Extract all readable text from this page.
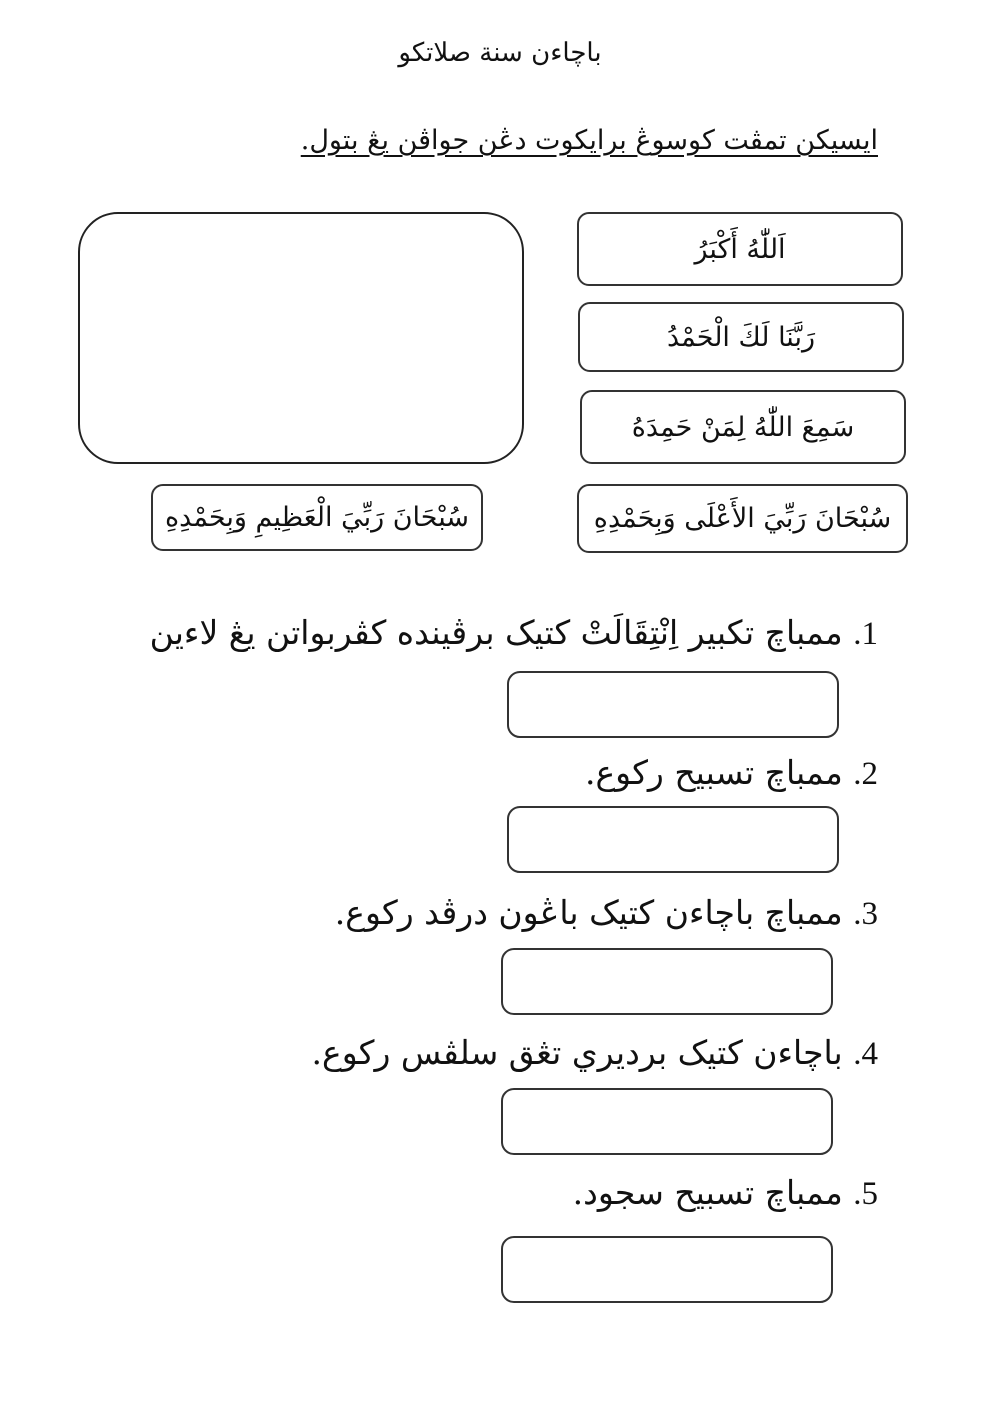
باچاءن سنة صلاتكو
ايسيكن تمڤت كوسوڠ برايكوت دڠن جواڤن يڠ بتول.
اَللّٰهُ أَكْبَرُ
رَبَّنَا لَكَ الْحَمْدُ
سَمِعَ اللّٰهُ لِمَنْ حَمِدَهُ
سُبْحَانَ رَبِّيَ الأَعْلَى وَبِحَمْدِهِ
سُبْحَانَ رَبِّيَ الْعَظِيمِ وَبِحَمْدِهِ
1. ممباچ تكبير اِنْتِقَالَتْ كتيک برڤينده كڤربواتن يڠ لاءين
2. ممباچ تسبيح ركوع.
3. ممباچ باچاءن كتيک باڠون درڤد ركوع.
4. باچاءن كتيک برديري تڠق سلڤس ركوع.
5. ممباچ تسبيح سجود.
